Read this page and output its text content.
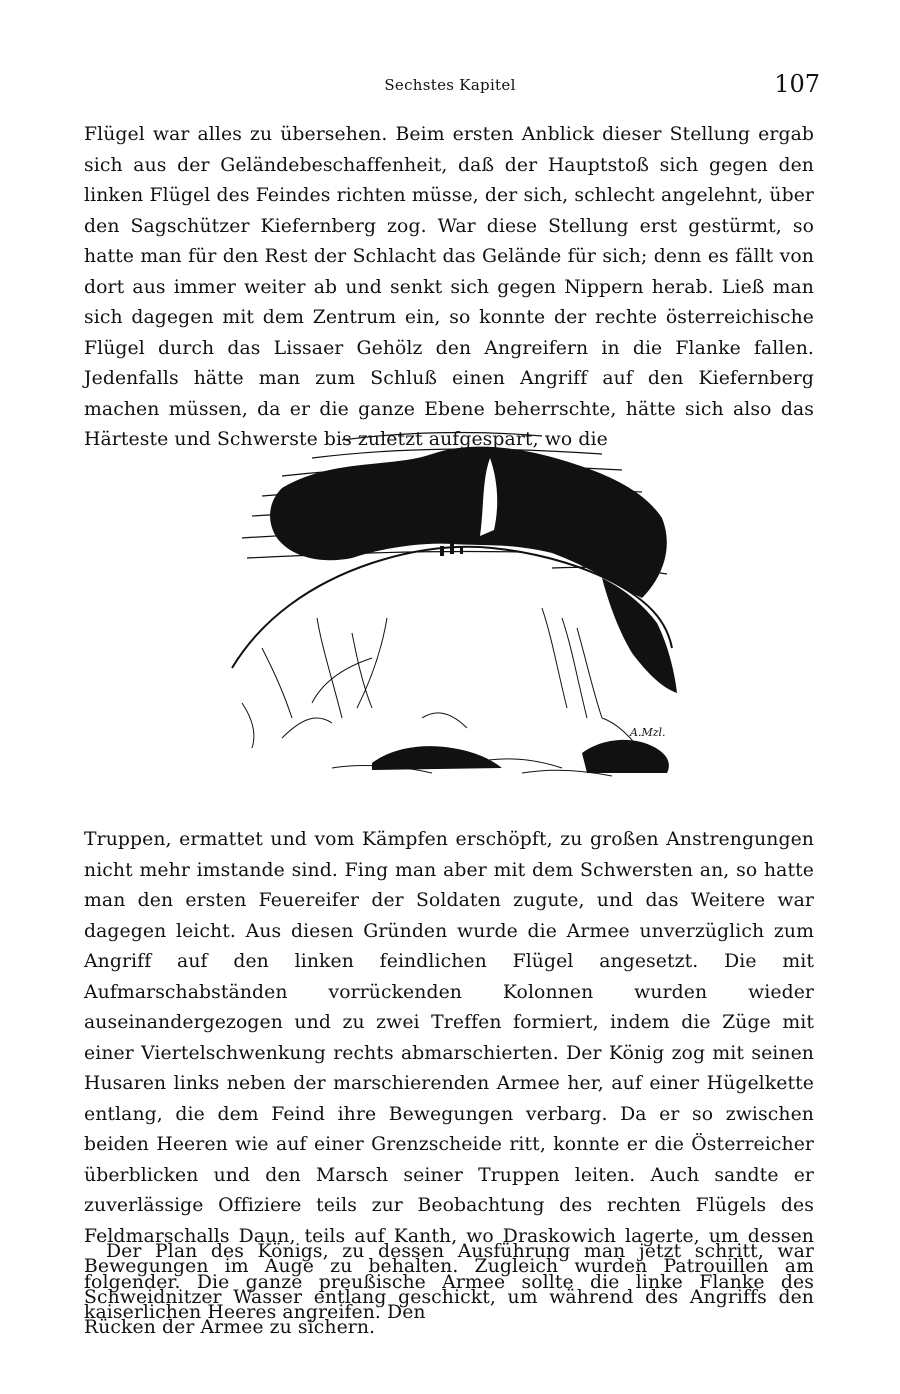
Sechstes Kapitel	107

Flügel war alles zu übersehen. Beim ersten Anblick dieser Stellung ergab sich aus der Geländebeschaffenheit, daß der Hauptstoß sich gegen den linken Flügel des Feindes richten müsse, der sich, schlecht angelehnt, über den Sagschützer Kiefernberg zog. War diese Stellung erst gestürmt, so hatte man für den Rest der Schlacht das Gelände für sich; denn es fällt von dort aus immer weiter ab und senkt sich gegen Nippern herab. Ließ man sich dagegen mit dem Zentrum ein, so konnte der rechte österreichische Flügel durch das Lissaer Gehölz den Angreifern in die Flanke fallen. Jedenfalls hätte man zum Schluß einen Angriff auf den Kiefernberg machen müssen, da er die ganze Ebene beherrschte, hätte sich also das Härteste und Schwerste bis zuletzt aufgespart, wo die

A.Mzl.

Truppen, ermattet und vom Kämpfen erschöpft, zu großen Anstrengungen nicht mehr imstande sind. Fing man aber mit dem Schwersten an, so hatte man den ersten Feuereifer der Soldaten zugute, und das Weitere war dagegen leicht. Aus diesen Gründen wurde die Armee unverzüglich zum Angriff auf den linken feindlichen Flügel angesetzt. Die mit Aufmarschabständen vorrückenden Kolonnen wurden wieder auseinandergezogen und zu zwei Treffen formiert, indem die Züge mit einer Viertelschwenkung rechts abmarschierten. Der König zog mit seinen Husaren links neben der marschierenden Armee her, auf einer Hügelkette entlang, die dem Feind ihre Bewegungen verbarg. Da er so zwischen beiden Heeren wie auf einer Grenzscheide ritt, konnte er die Österreicher überblicken und den Marsch seiner Truppen leiten. Auch sandte er zuverlässige Offiziere teils zur Beobachtung des rechten Flügels des Feldmarschalls Daun, teils auf Kanth, wo Draskowich lagerte, um dessen Bewegungen im Auge zu behalten. Zugleich wurden Patrouillen am Schweidnitzer Wasser entlang geschickt, um während des Angriffs den Rücken der Armee zu sichern.

Der Plan des Königs, zu dessen Ausführung man jetzt schritt, war folgender. Die ganze preußische Armee sollte die linke Flanke des kaiserlichen Heeres angreifen. Den
